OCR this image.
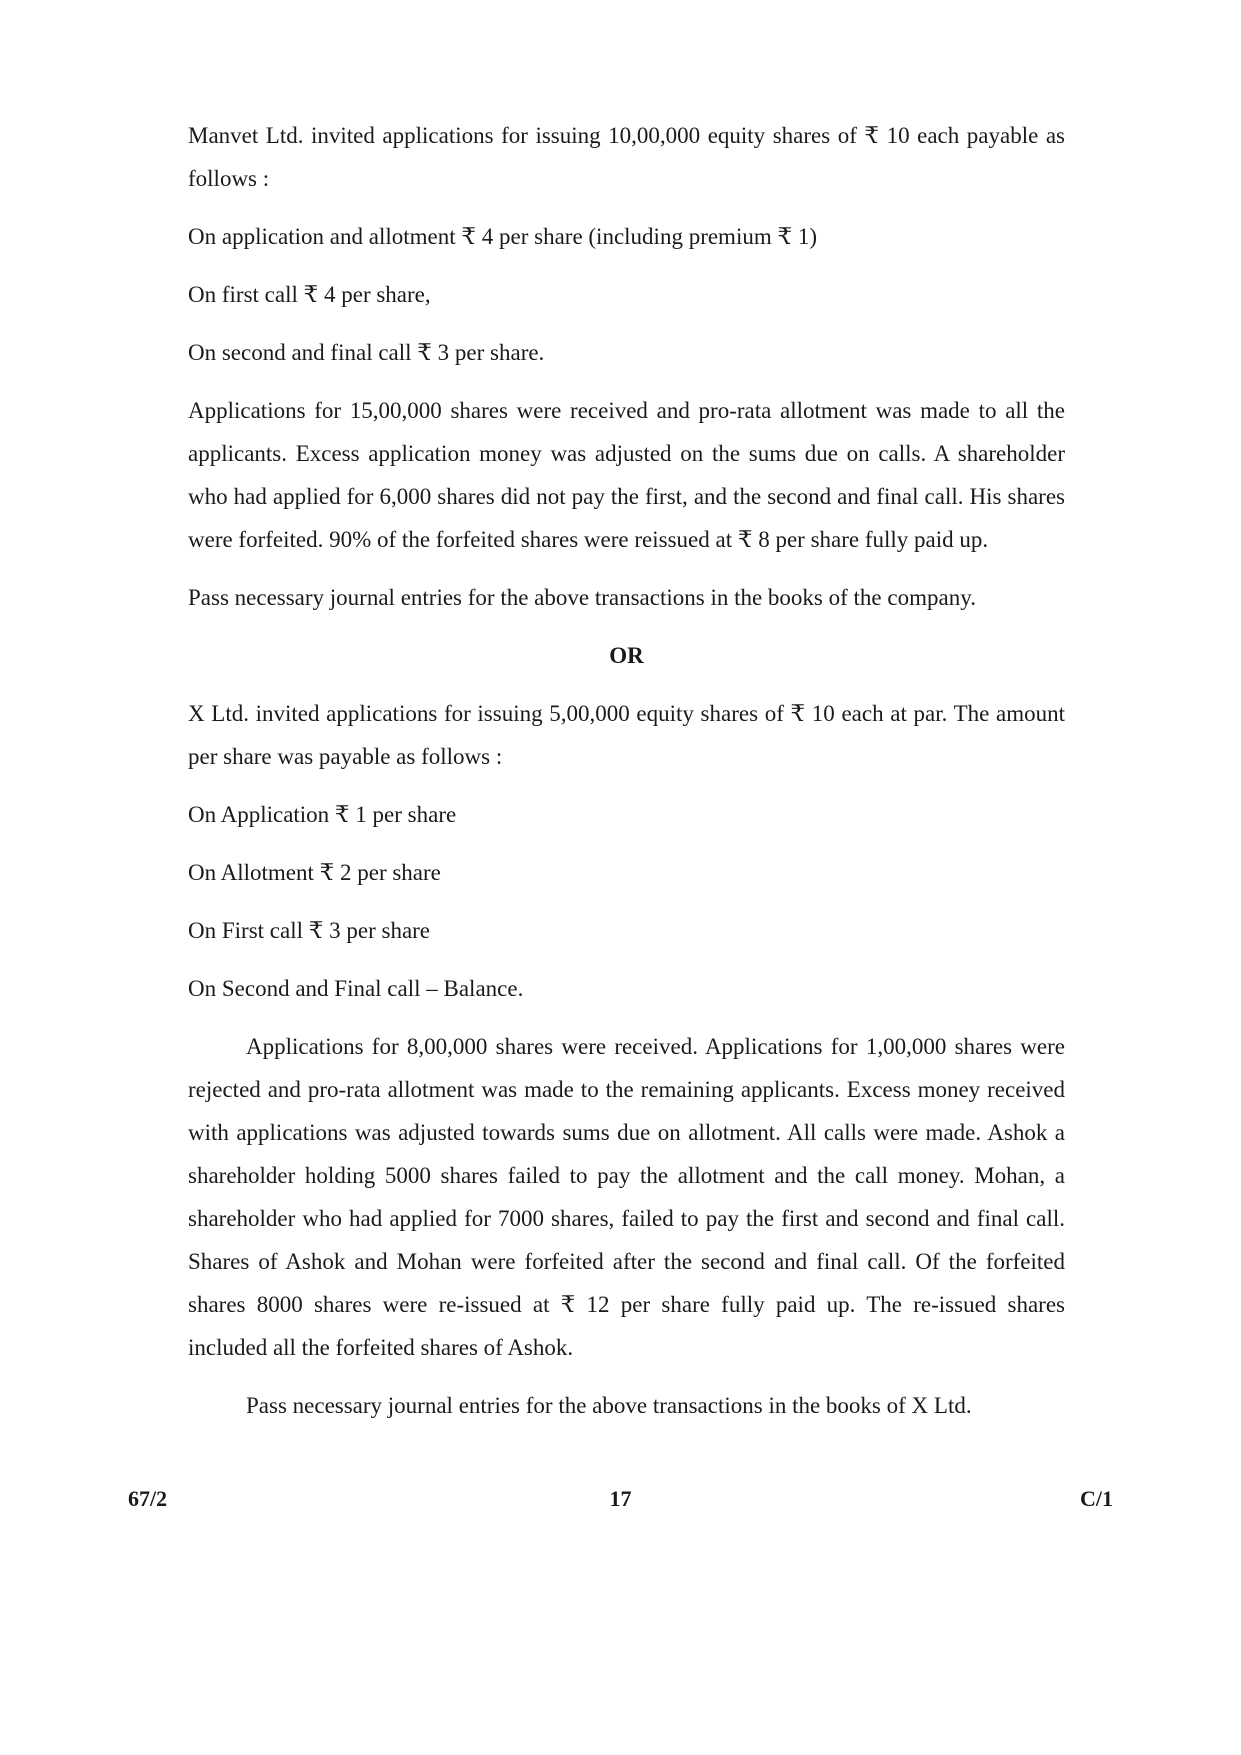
Manvet Ltd. invited applications for issuing 10,00,000 equity shares of ₹ 10 each payable as follows :

On application and allotment ₹ 4 per share (including premium ₹ 1)

On first call ₹ 4 per share,

On second and final call ₹ 3 per share.

Applications for 15,00,000 shares were received and pro-rata allotment was made to all the applicants. Excess application money was adjusted on the sums due on calls. A shareholder who had applied for 6,000 shares did not pay the first, and the second and final call. His shares were forfeited. 90% of the forfeited shares were reissued at ₹ 8 per share fully paid up.

Pass necessary journal entries for the above transactions in the books of the company.

OR

X Ltd. invited applications for issuing 5,00,000 equity shares of ₹ 10 each at par. The amount per share was payable as follows :

On Application ₹ 1 per share

On Allotment ₹ 2 per share

On First call ₹ 3 per share

On Second and Final call – Balance.

Applications for 8,00,000 shares were received. Applications for 1,00,000 shares were rejected and pro-rata allotment was made to the remaining applicants. Excess money received with applications was adjusted towards sums due on allotment. All calls were made. Ashok a shareholder holding 5000 shares failed to pay the allotment and the call money. Mohan, a shareholder who had applied for 7000 shares, failed to pay the first and second and final call. Shares of Ashok and Mohan were forfeited after the second and final call. Of the forfeited shares 8000 shares were re-issued at ₹ 12 per share fully paid up. The re-issued shares included all the forfeited shares of Ashok.

Pass necessary journal entries for the above transactions in the books of X Ltd.

67/2	17	C/1
